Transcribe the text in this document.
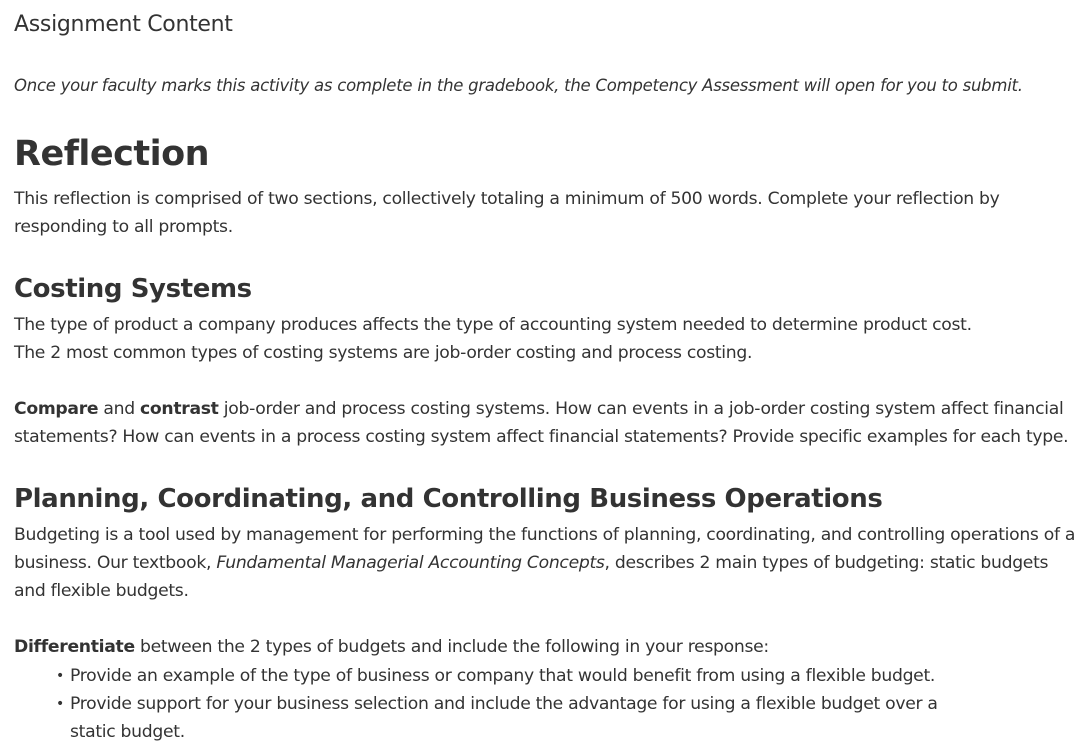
Assignment Content

Once your faculty marks this activity as complete in the gradebook, the Competency Assessment will open for you to submit.

Reflection

This reflection is comprised of two sections, collectively totaling a minimum of 500 words. Complete your reflection by responding to all prompts.

Costing Systems

The type of product a company produces affects the type of accounting system needed to determine product cost.
The 2 most common types of costing systems are job-order costing and process costing.

Compare and contrast job-order and process costing systems. How can events in a job-order costing system affect financial statements? How can events in a process costing system affect financial statements? Provide specific examples for each type.

Planning, Coordinating, and Controlling Business Operations

Budgeting is a tool used by management for performing the functions of planning, coordinating, and controlling operations of a business. Our textbook, Fundamental Managerial Accounting Concepts, describes 2 main types of budgeting: static budgets and flexible budgets.

Differentiate between the 2 types of budgets and include the following in your response:

• Provide an example of the type of business or company that would benefit from using a flexible budget.
• Provide support for your business selection and include the advantage for using a flexible budget over a static budget.
